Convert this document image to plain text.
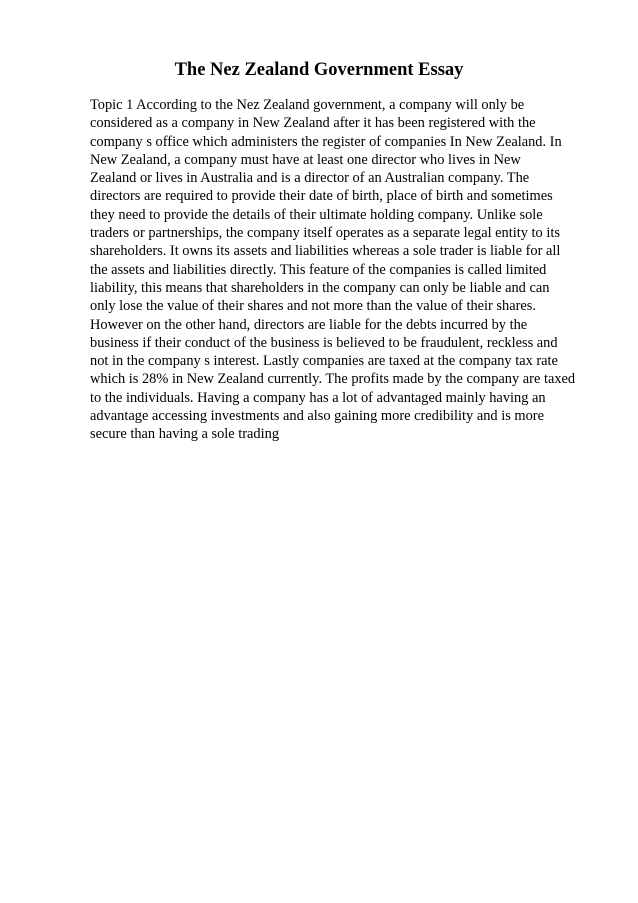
The Nez Zealand Government Essay
Topic 1 According to the Nez Zealand government, a company will only be
considered as a company in New Zealand after it has been registered with the
company s office which administers the register of companies In New Zealand. In
New Zealand, a company must have at least one director who lives in New
Zealand or lives in Australia and is a director of an Australian company. The
directors are required to provide their date of birth, place of birth and sometimes
they need to provide the details of their ultimate holding company. Unlike sole
traders or partnerships, the company itself operates as a separate legal entity to its
shareholders. It owns its assets and liabilities whereas a sole trader is liable for all
the assets and liabilities directly. This feature of the companies is called limited
liability, this means that shareholders in the company can only be liable and can
only lose the value of their shares and not more than the value of their shares.
However on the other hand, directors are liable for the debts incurred by the
business if their conduct of the business is believed to be fraudulent, reckless and
not in the company s interest. Lastly companies are taxed at the company tax rate
which is 28% in New Zealand currently. The profits made by the company are taxed
to the individuals. Having a company has a lot of advantaged mainly having an
advantage accessing investments and also gaining more credibility and is more
secure than having a sole trading
